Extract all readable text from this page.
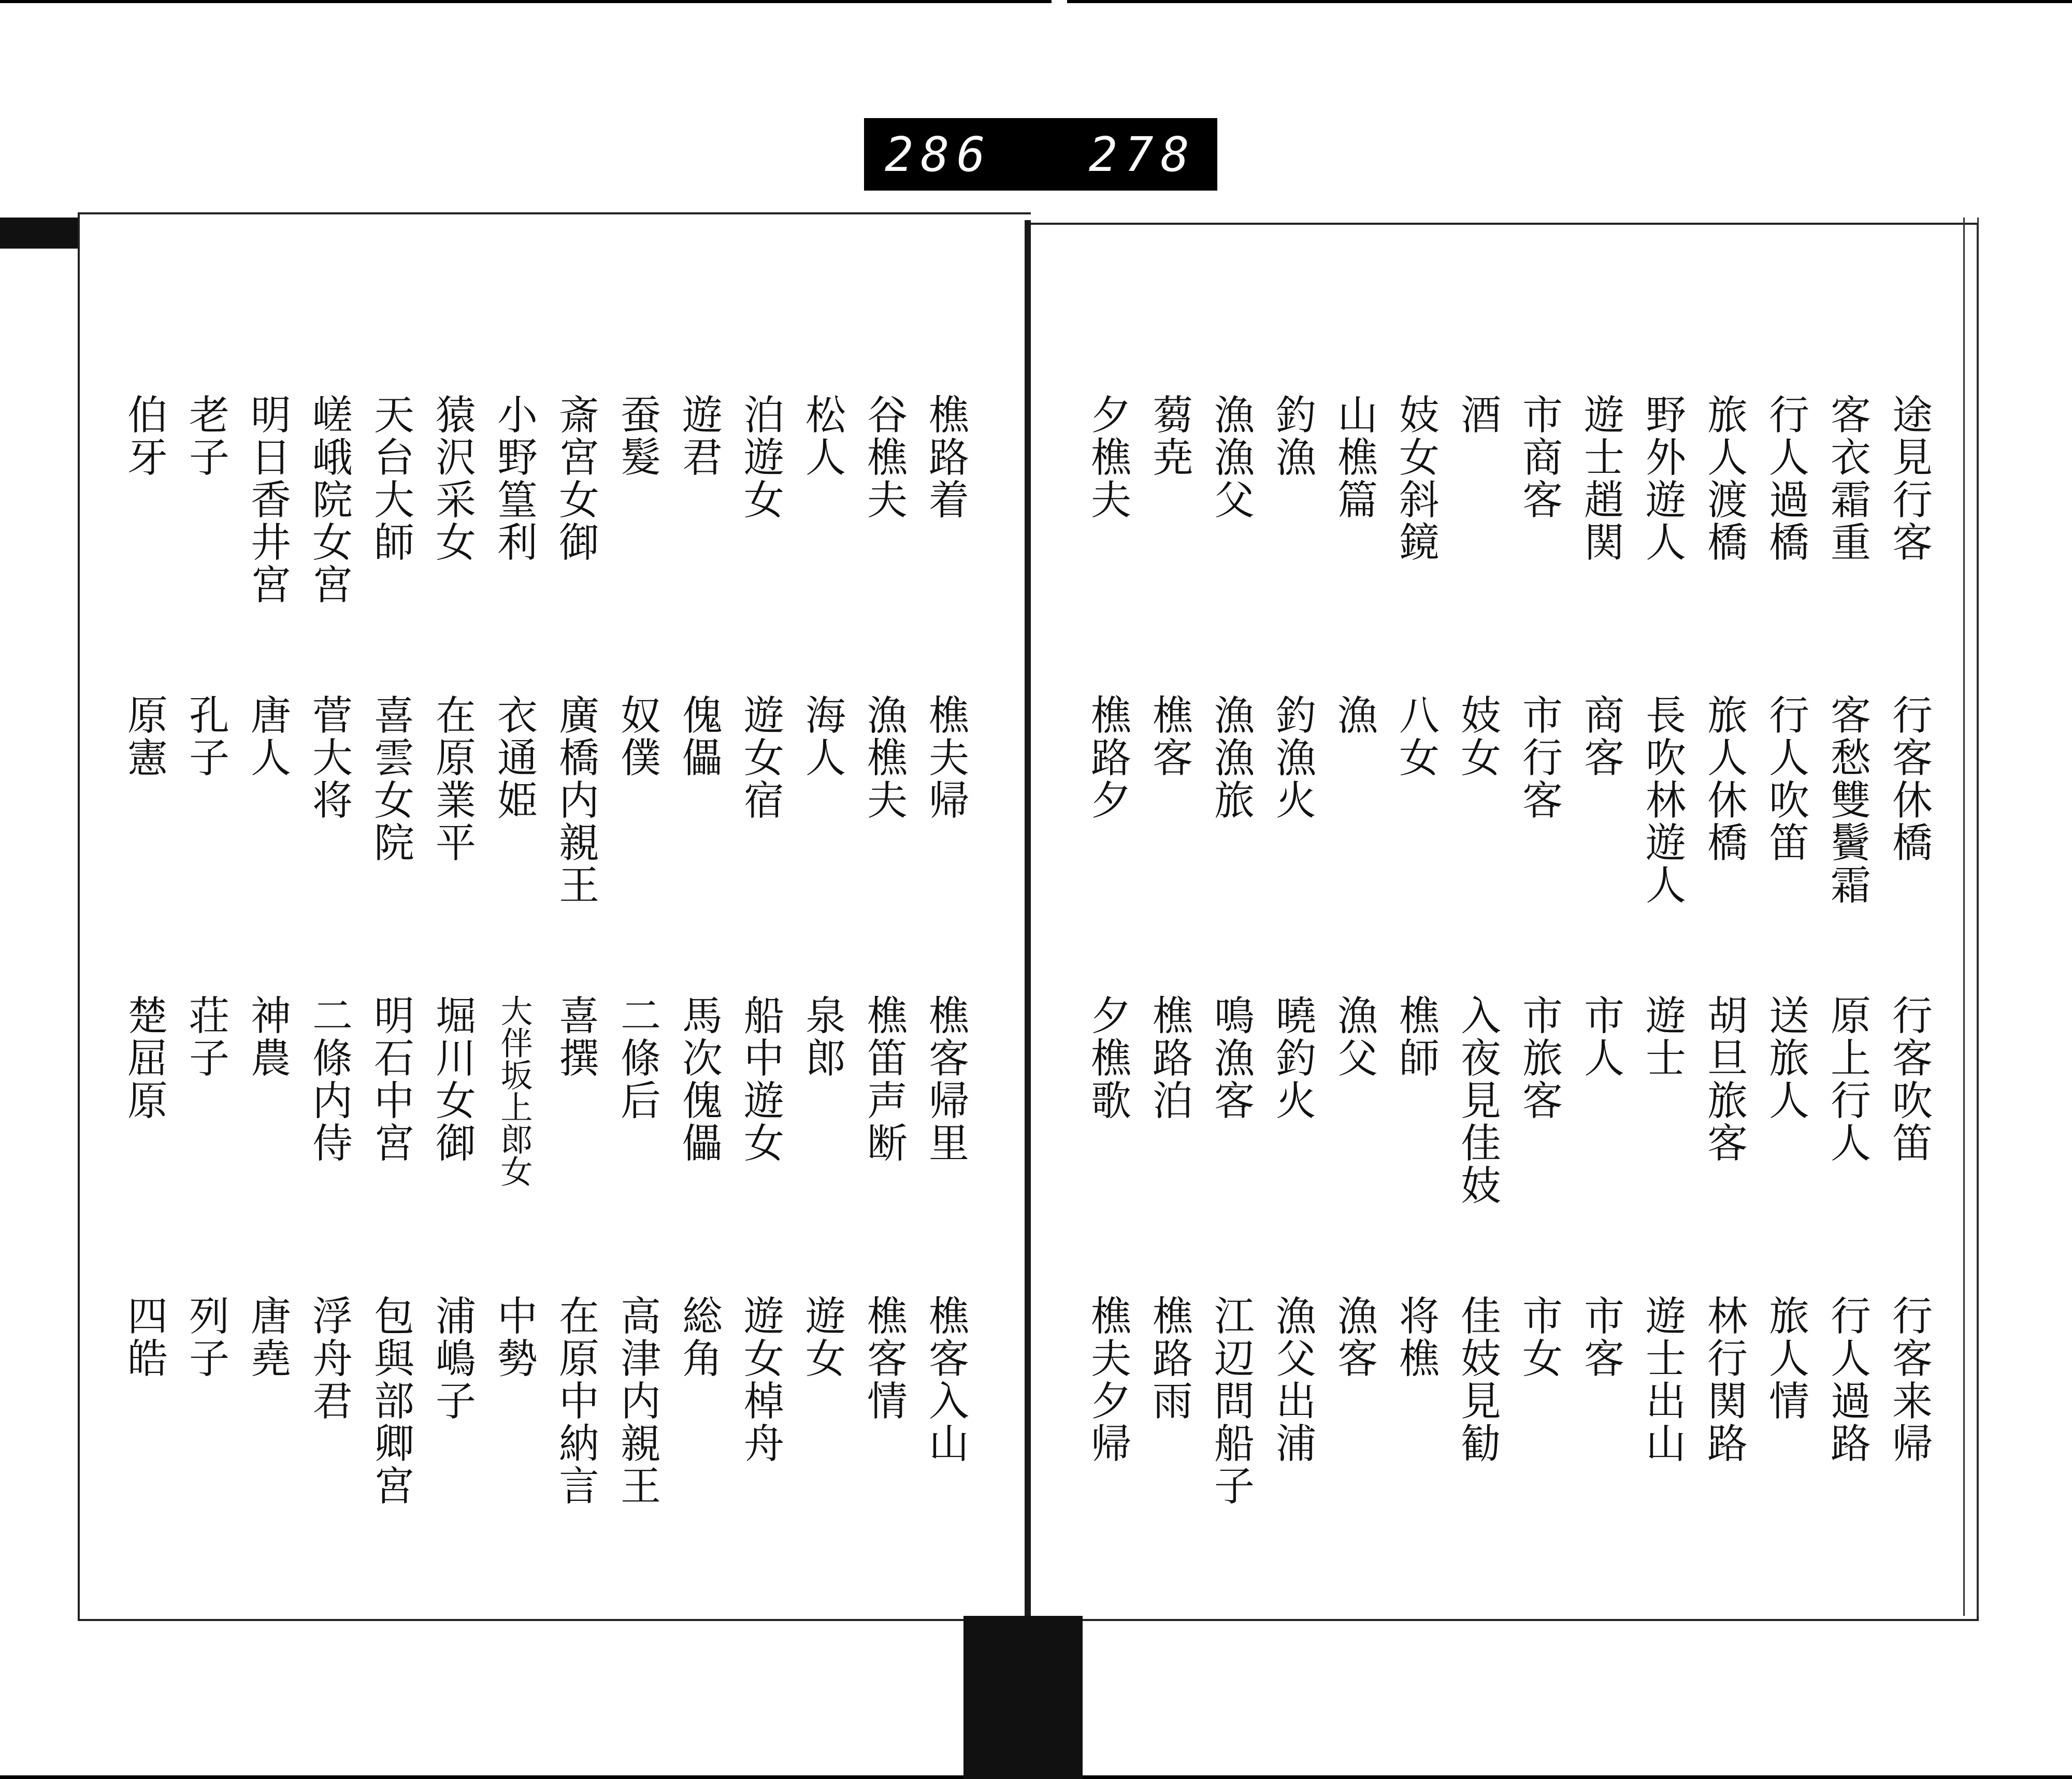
286 278
途見行客
客衣霜重
行人過橋
旅人渡橋
野外遊人
遊士趙関
市商客
酒
妓女斜鏡
山樵篇
釣漁
漁漁父
蒭尭
夕樵夫
行客休橋
客愁雙鬢霜
行人吹笛
旅人休橋
長吹林遊人
商客
市行客
妓女
八女
漁
釣漁火
漁漁旅
樵客
樵路夕
行客吹笛
原上行人
送旅人
胡旦旅客
遊士
市人
市旅客
入夜見佳妓
樵師
漁父
曉釣火
鳴漁客
樵路泊
夕樵歌
行客来帰
行人過路
旅人情
林行関路
遊士出山
市客
市女
佳妓見勧
将樵
漁客
漁父出浦
江辺問船子
樵路雨
樵夫夕帰
樵路着
谷樵夫
松人
泊遊女
遊君
蚕髮
斎宮女御
小野篁利
猿沢采女
天台大師
嵯峨院女宮
明日香井宮
老子
伯牙
樵夫帰
漁樵夫
海人
遊女宿
傀儡
奴僕
廣橋内親王
衣通姫
在原業平
喜雲女院
菅大将
唐人
孔子
原憲
樵客帰里
樵笛声断
泉郎
船中遊女
馬次傀儡
二條后
喜撰
大伴坂上郎女
堀川女御
明石中宮
二條内侍
神農
荘子
楚屈原
樵客入山
樵客情
遊女
遊女棹舟
総角
高津内親王
在原中納言
中勢
浦嶋子
包與部卿宮
浮舟君
唐堯
列子
四皓
